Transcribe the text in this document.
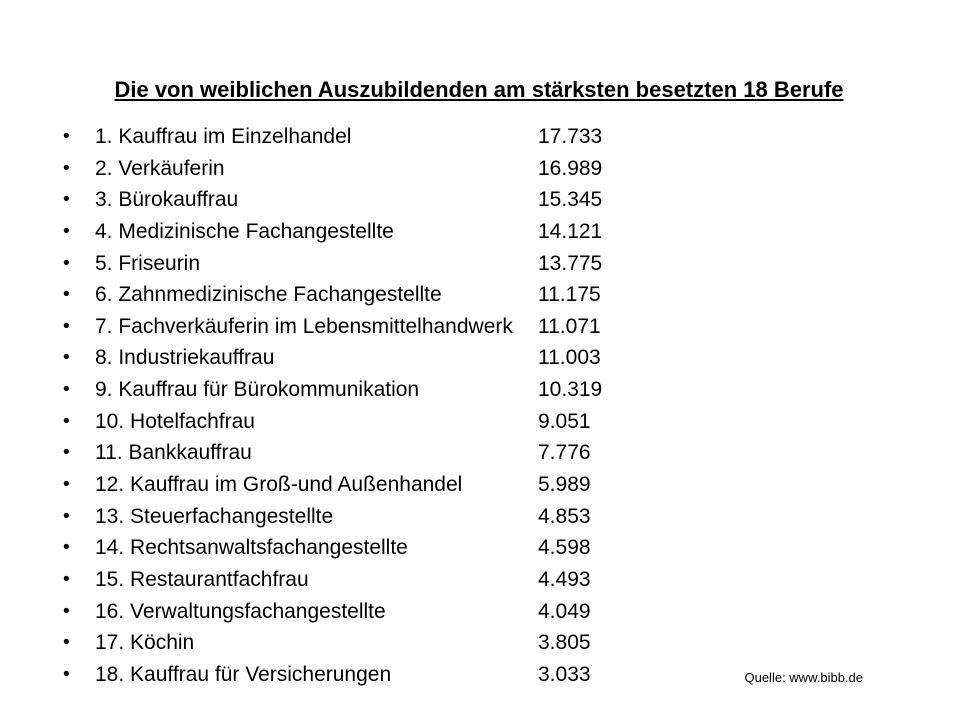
Die von weiblichen Auszubildenden am stärksten besetzten 18 Berufe
• 1. Kauffrau im Einzelhandel	17.733
• 2. Verkäuferin	16.989
• 3. Bürokauffrau	15.345
• 4. Medizinische Fachangestellte	14.121
• 5. Friseurin	13.775
• 6. Zahnmedizinische Fachangestellte	11.175
• 7. Fachverkäuferin im Lebensmittelhandwerk 11.071
• 8. Industriekauffrau	11.003
• 9. Kauffrau für Bürokommunikation	10.319
• 10. Hotelfachfrau	9.051
• 11. Bankkauffrau	7.776
• 12. Kauffrau im Groß-und Außenhandel	5.989
• 13. Steuerfachangestellte	4.853
• 14. Rechtsanwaltsfachangestellte	4.598
• 15. Restaurantfachfrau	4.493
• 16. Verwaltungsfachangestellte	4.049
• 17. Köchin	3.805
• 18. Kauffrau für Versicherungen	3.033	Quelle: www.bibb.de
